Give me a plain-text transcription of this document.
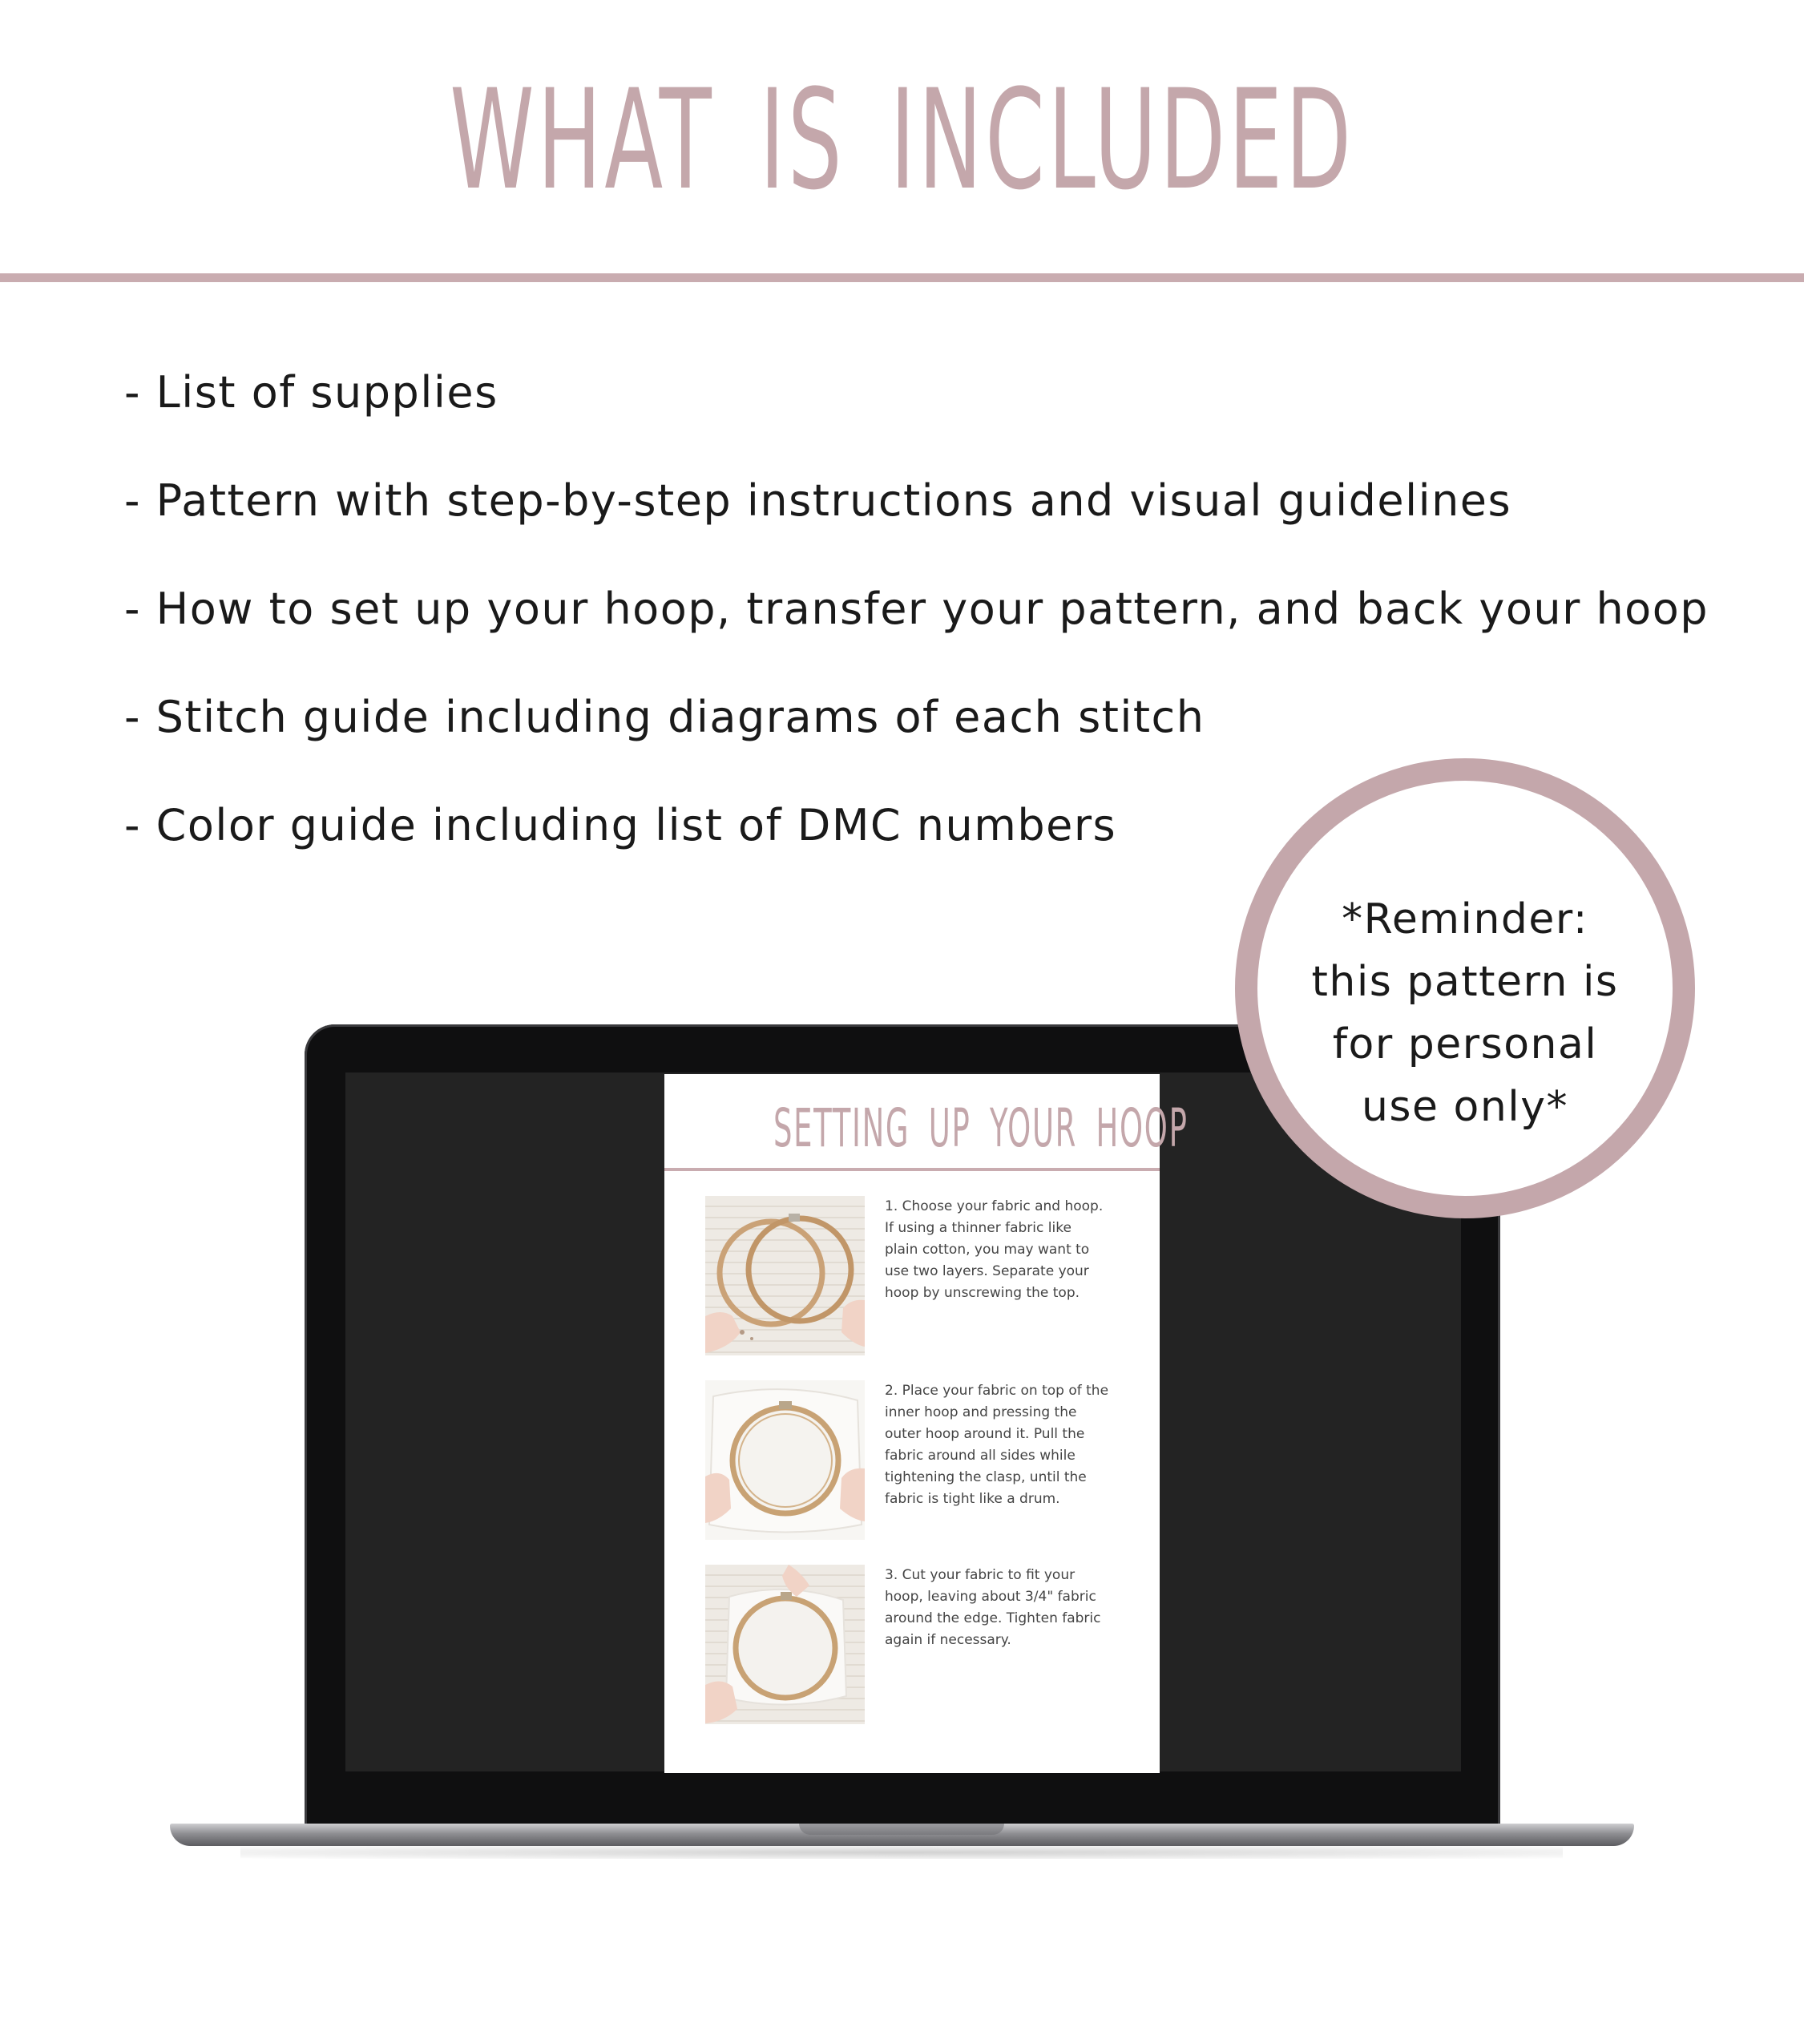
WHAT IS INCLUDED
- List of supplies
- Pattern with step-by-step instructions and visual guidelines
- How to set up your hoop, transfer your pattern, and back your hoop
- Stitch guide including diagrams of each stitch
- Color guide including list of DMC numbers
SETTING UP YOUR HOOP
1. Choose your fabric and hoop.
If using a thinner fabric like
plain cotton, you may want to
use two layers. Separate your
hoop by unscrewing the top.
2. Place your fabric on top of the
inner hoop and pressing the
outer hoop around it. Pull the
fabric around all sides while
tightening the clasp, until the
fabric is tight like a drum.
3. Cut your fabric to fit your
hoop, leaving about 3/4" fabric
around the edge. Tighten fabric
again if necessary.
*Reminder:
this pattern is
for personal
use only*
